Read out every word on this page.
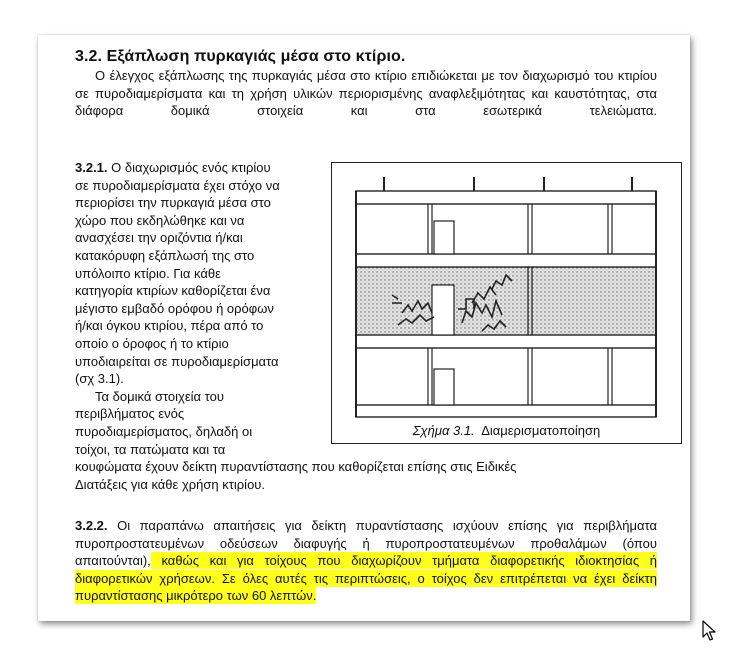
3.2. Εξάπλωση πυρκαγιάς μέσα στο κτίριο.

Ο έλεγχος εξάπλωσης της πυρκαγιάς μέσα στο κτίριο επιδιώκεται με τον διαχωρισμό του κτιρίου σε πυροδιαμερίσματα και τη χρήση υλικών περιορισμένης αναφλεξιμότητας και καυστότητας, στα διάφορα δομικά στοιχεία και στα εσωτερικά τελειώματα.

3.2.1. Ο διαχωρισμός ενός κτιρίου
σε πυροδιαμερίσματα έχει στόχο να
περιορίσει την πυρκαγιά μέσα στο
χώρο που εκδηλώθηκε και να
ανασχέσει την οριζόντια ή/και
κατακόρυφη εξάπλωσή της στο
υπόλοιπο κτίριο. Για κάθε
κατηγορία κτιρίων καθορίζεται ένα
μέγιστο εμβαδό ορόφου ή ορόφων
ή/και όγκου κτιρίου, πέρα από το
οποίο ο όροφος ή το κτίριο
υποδιαιρείται σε πυροδιαμερίσματα
(σχ 3.1).
Τα δομικά στοιχεία του
περιβλήματος ενός
πυροδιαμερίσματος, δηλαδή οι
τοίχοι, τα πατώματα και τα
κουφώματα έχουν δείκτη πυραντίστασης που καθορίζεται επίσης στις Ειδικές
Διατάξεις για κάθε χρήση κτιρίου.
Σχήμα 3.1. Διαμερισματοποίηση
3.2.2. Οι παραπάνω απαιτήσεις για δείκτη πυραντίστασης ισχύουν επίσης για περιβλήματα πυροπροστατευμένων οδεύσεων διαφυγής ή πυροπροστατευμένων προθαλάμων (όπου απαιτούνται), καθώς και για τοίχους που διαχωρίζουν τμήματα διαφορετικής ιδιοκτησίας ή διαφορετικών χρήσεων. Σε όλες αυτές τις περιπτώσεις, ο τοίχος δεν επιτρέπεται να έχει δείκτη πυραντίστασης μικρότερο των 60 λεπτών.
